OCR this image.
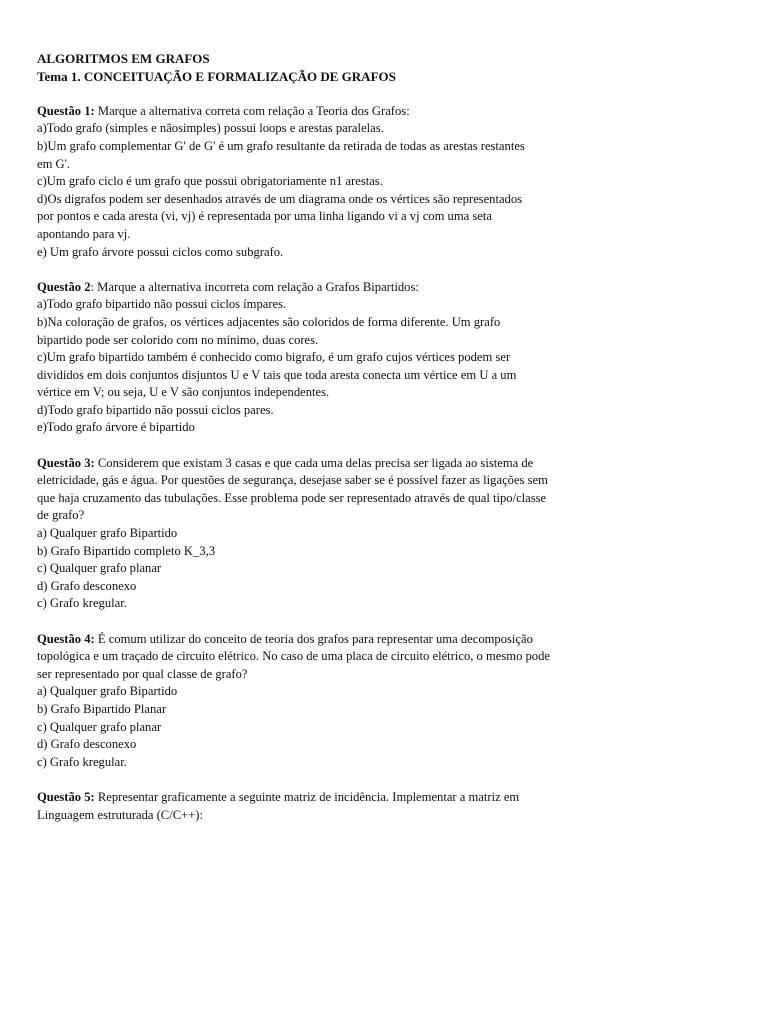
ALGORITMOS EM GRAFOS
Tema 1. CONCEITUAÇÃO E FORMALIZAÇÃO DE GRAFOS
Questão 1: Marque a alternativa correta com relação a Teoria dos Grafos:
a)Todo grafo (simples e nãosimples) possui loops e arestas paralelas.
b)Um grafo complementar G' de G' é um grafo resultante da retirada de todas as arestas restantes
em G'.
c)Um grafo ciclo é um grafo que possui obrigatoriamente n1 arestas.
d)Os digrafos podem ser desenhados através de um diagrama onde os vértices são representados
por pontos e cada aresta (vi, vj) é representada por uma linha ligando vi a vj com uma seta
apontando para vj.
e) Um grafo árvore possui ciclos como subgrafo.
Questão 2: Marque a alternativa incorreta com relação a Grafos Bipartidos:
a)Todo grafo bipartido não possui ciclos ímpares.
b)Na coloração de grafos, os vértices adjacentes são coloridos de forma diferente. Um grafo
bipartido pode ser colorido com no mínimo, duas cores.
c)Um grafo bipartido também é conhecido como bigrafo, é um grafo cujos vértices podem ser
divididos em dois conjuntos disjuntos U e V tais que toda aresta conecta um vértice em U a um
vértice em V; ou seja, U e V são conjuntos independentes.
d)Todo grafo bipartido não possui ciclos pares.
e)Todo grafo árvore é bipartido
Questão 3: Considerem que existam 3 casas e que cada uma delas precisa ser ligada ao sistema de
eletricidade, gás e água. Por questões de segurança, desejase saber se é possível fazer as ligações sem
que haja cruzamento das tubulações. Esse problema pode ser representado através de qual tipo/classe
de grafo?
a) Qualquer grafo Bipartido
b) Grafo Bipartido completo K_3,3
c) Qualquer grafo planar
d) Grafo desconexo
c) Grafo kregular.
Questão 4: É comum utilizar do conceito de teoria dos grafos para representar uma decomposição
topológica e um traçado de circuito elétrico. No caso de uma placa de circuito elétrico, o mesmo pode
ser representado por qual classe de grafo?
a) Qualquer grafo Bipartido
b) Grafo Bipartido Planar
c) Qualquer grafo planar
d) Grafo desconexo
c) Grafo kregular.
Questão 5: Representar graficamente a seguinte matriz de incidência. Implementar a matriz em
Linguagem estruturada (C/C++):
